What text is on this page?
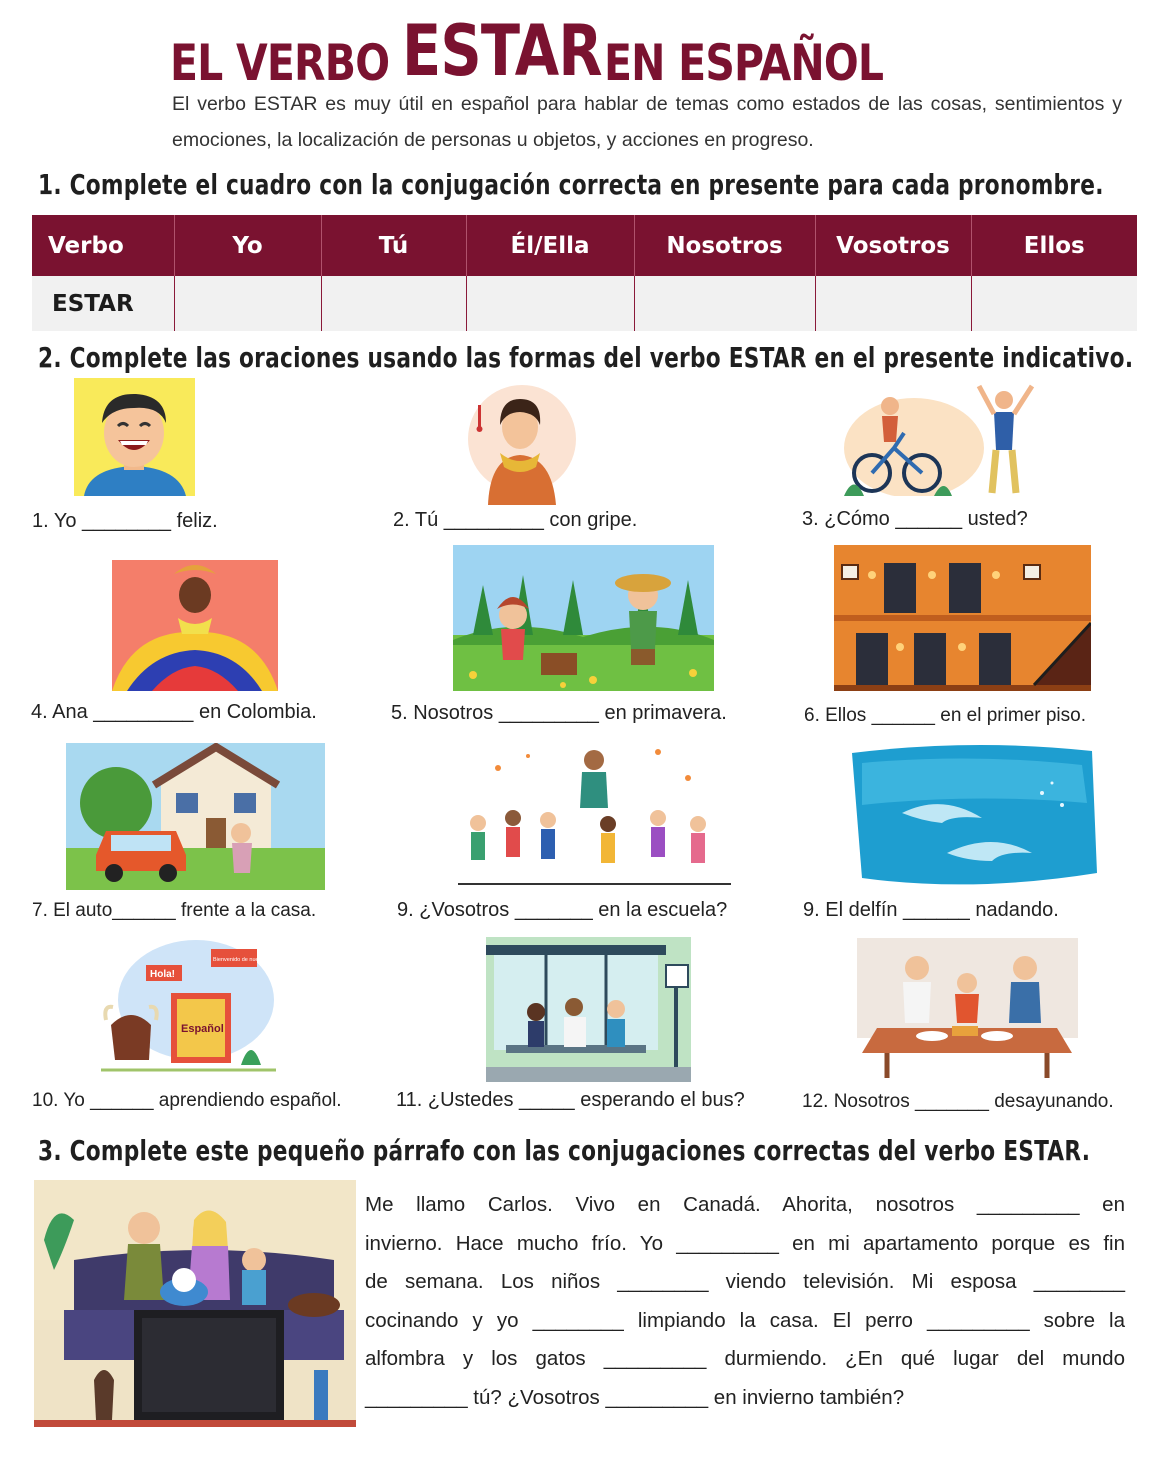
EL VERBO ESTAR EN ESPAÑOL

El verbo ESTAR es muy útil en español para hablar de temas como estados de las cosas, sentimientos y emociones, la localización de personas u objetos, y acciones en progreso.

1. Complete el cuadro con la conjugación correcta en presente para cada pronombre.
Verbo	Yo	Tú	Él/Ella	Nosotros	Vosotros	Ellos
ESTAR						
2. Complete las oraciones usando las formas del verbo ESTAR en el presente indicativo.
1. Yo ________ feliz.	2. Tú _________ con gripe.	3. ¿Cómo ______ usted?
4. Ana _________ en Colombia.	5. Nosotros _________ en primavera.	6. Ellos ______ en el primer piso.
7. El auto______ frente a la casa.	9. ¿Vosotros _______ en la escuela?	9. El delfín ______ nadando.
Hola!
Español
Bienvenido de nuevo!
10. Yo ______ aprendiendo español.	11. ¿Ustedes _____ esperando el bus?	12. Nosotros _______ desayunando.
3. Complete este pequeño párrafo con las conjugaciones correctas del verbo ESTAR.
Me llamo Carlos. Vivo en Canadá. Ahorita, nosotros _________ en
invierno. Hace mucho frío. Yo _________ en mi apartamento porque es fin
de semana. Los niños ________ viendo televisión. Mi esposa ________
cocinando y yo ________ limpiando la casa. El perro _________ sobre la
alfombra y los gatos _________ durmiendo. ¿En qué lugar del mundo
_________ tú? ¿Vosotros _________ en invierno también?
